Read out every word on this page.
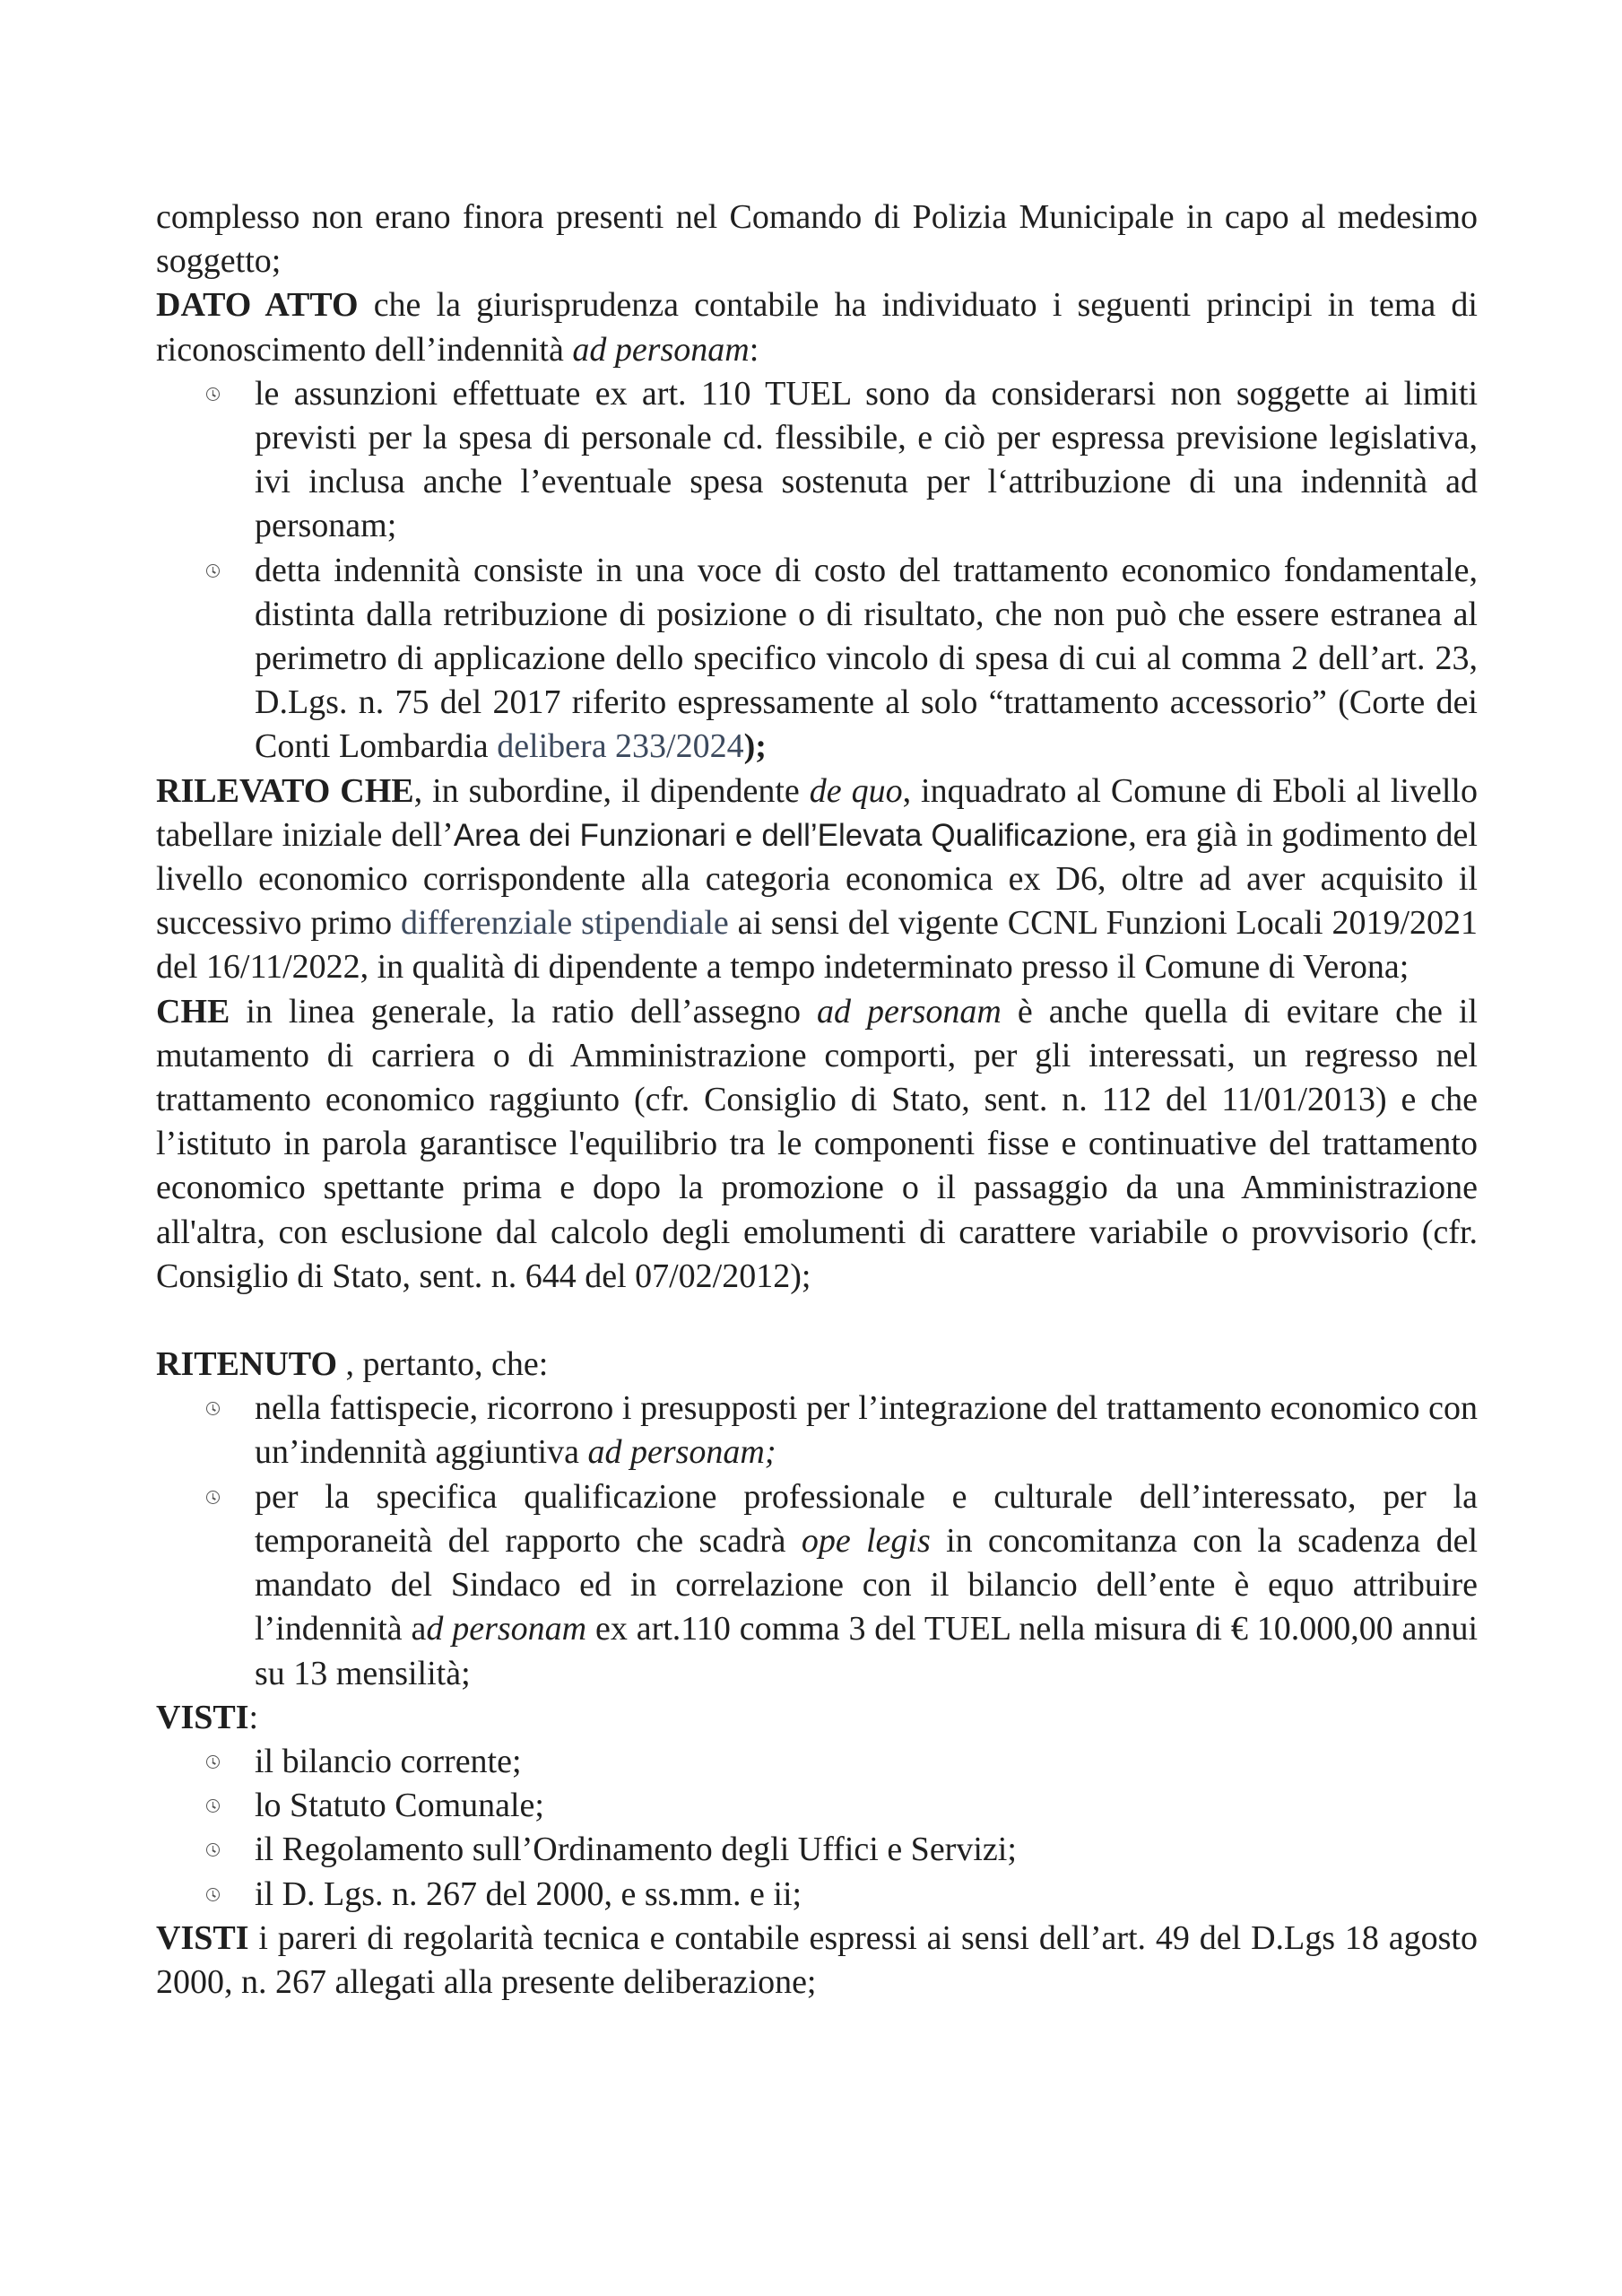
complesso non erano finora presenti nel Comando di Polizia Municipale in capo al medesimo soggetto;

DATO ATTO che la giurisprudenza contabile ha individuato i seguenti principi in tema di riconoscimento dell’indennità ad personam:

le assunzioni effettuate ex art. 110 TUEL sono da considerarsi non soggette ai limiti previsti per la spesa di personale cd. flessibile, e ciò per espressa previsione legislativa, ivi inclusa anche l’eventuale spesa sostenuta per l‘attribuzione di una indennità ad personam;
detta indennità consiste in una voce di costo del trattamento economico fondamentale, distinta dalla retribuzione di posizione o di risultato, che non può che essere estranea al perimetro di applicazione dello specifico vincolo di spesa di cui al comma 2 dell’art. 23, D.Lgs. n. 75 del 2017 riferito espressamente al solo “trattamento accessorio” (Corte dei Conti Lombardia delibera 233/2024);

RILEVATO CHE, in subordine, il dipendente de quo, inquadrato al Comune di Eboli al livello tabellare iniziale dell’Area dei Funzionari e dell’Elevata Qualificazione, era già in godimento del livello economico corrispondente alla categoria economica ex D6, oltre ad aver acquisito il successivo primo differenziale stipendiale ai sensi del vigente CCNL Funzioni Locali 2019/2021 del 16/11/2022, in qualità di dipendente a tempo indeterminato presso il Comune di Verona;

CHE in linea generale, la ratio dell’assegno ad personam è anche quella di evitare che il mutamento di carriera o di Amministrazione comporti, per gli interessati, un regresso nel trattamento economico raggiunto (cfr. Consiglio di Stato, sent. n. 112 del 11/01/2013) e che l’istituto in parola garantisce l'equilibrio tra le componenti fisse e continuative del trattamento economico spettante prima e dopo la promozione o il passaggio da una Amministrazione all'altra, con esclusione dal calcolo degli emolumenti di carattere variabile o provvisorio (cfr. Consiglio di Stato, sent. n. 644 del 07/02/2012);

RITENUTO , pertanto, che:

nella fattispecie, ricorrono i presupposti per l’integrazione del trattamento economico con un’indennità aggiuntiva ad personam;
per la specifica qualificazione professionale e culturale dell’interessato, per la temporaneità del rapporto che scadrà ope legis in concomitanza con la scadenza del mandato del Sindaco ed in correlazione con il bilancio dell’ente è equo attribuire l’indennità ad personam ex art.110 comma 3 del TUEL nella misura di € 10.000,00 annui su 13 mensilità;

VISTI:

il bilancio corrente;
lo Statuto Comunale;
il Regolamento sull’Ordinamento degli Uffici e Servizi;
il D. Lgs. n. 267 del 2000, e ss.mm. e ii;

VISTI i pareri di regolarità tecnica e contabile espressi ai sensi dell’art. 49 del D.Lgs 18 agosto 2000, n. 267 allegati alla presente deliberazione;
